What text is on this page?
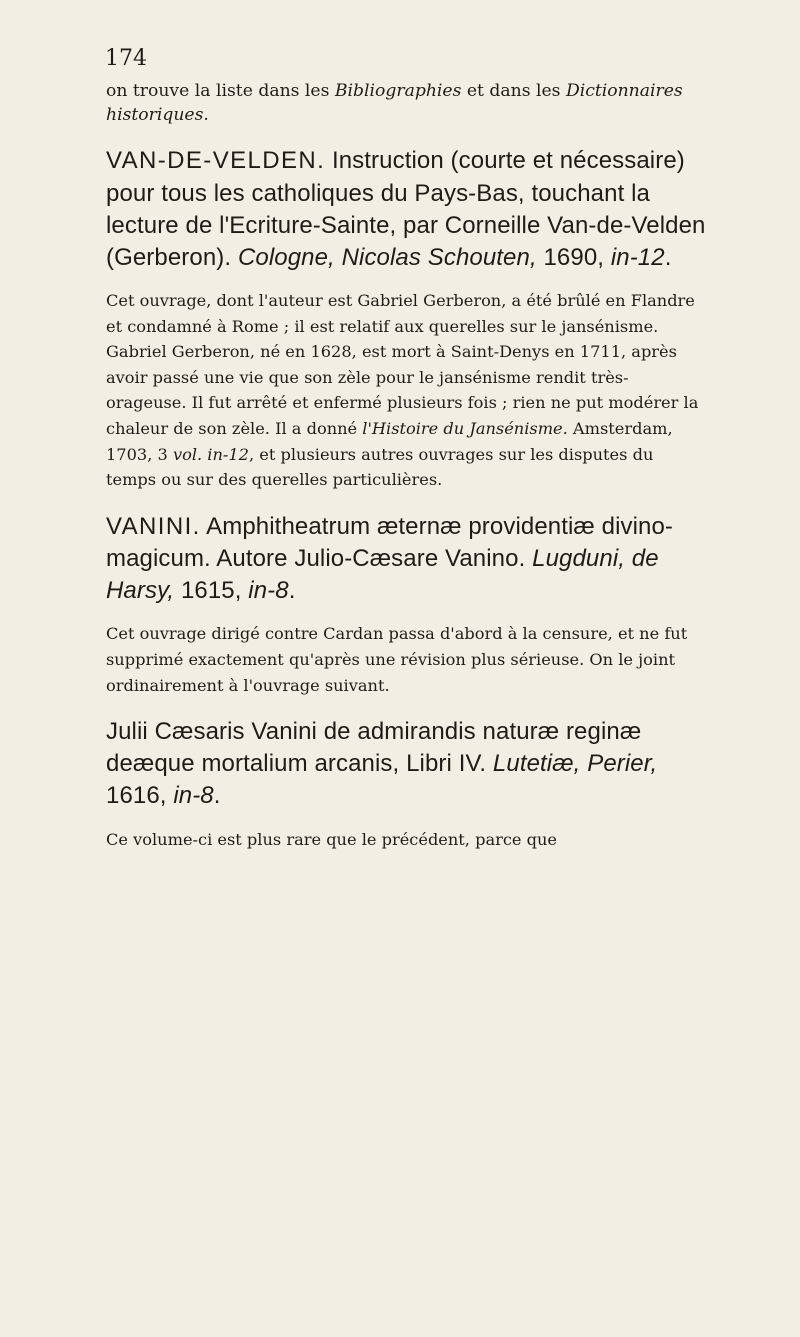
174

on trouve la liste dans les Bibliographies et dans les Dictionnaires historiques.

VAN-DE-VELDEN. Instruction (courte et nécessaire) pour tous les catholiques du Pays-Bas, touchant la lecture de l'Ecriture-Sainte, par Corneille Van-de-Velden (Gerberon). Cologne, Nicolas Schouten, 1690, in-12.

Cet ouvrage, dont l'auteur est Gabriel Gerberon, a été brûlé en Flandre et condamné à Rome ; il est relatif aux querelles sur le jansénisme. Gabriel Gerberon, né en 1628, est mort à Saint-Denys en 1711, après avoir passé une vie que son zèle pour le jansénisme rendit très-orageuse. Il fut arrêté et enfermé plusieurs fois ; rien ne put modérer la chaleur de son zèle. Il a donné l'Histoire du Jansénisme. Amsterdam, 1703, 3 vol. in-12, et plusieurs autres ouvrages sur les disputes du temps ou sur des querelles particulières.

VANINI. Amphitheatrum æternæ providentiæ divino-magicum. Autore Julio-Cæsare Vanino. Lugduni, de Harsy, 1615, in-8.

Cet ouvrage dirigé contre Cardan passa d'abord à la censure, et ne fut supprimé exactement qu'après une révision plus sérieuse. On le joint ordinairement à l'ouvrage suivant.

Julii Cæsaris Vanini de admirandis naturæ reginæ deæque mortalium arcanis, Libri IV. Lutetiæ, Perier, 1616, in-8.

Ce volume-ci est plus rare que le précédent, parce que
